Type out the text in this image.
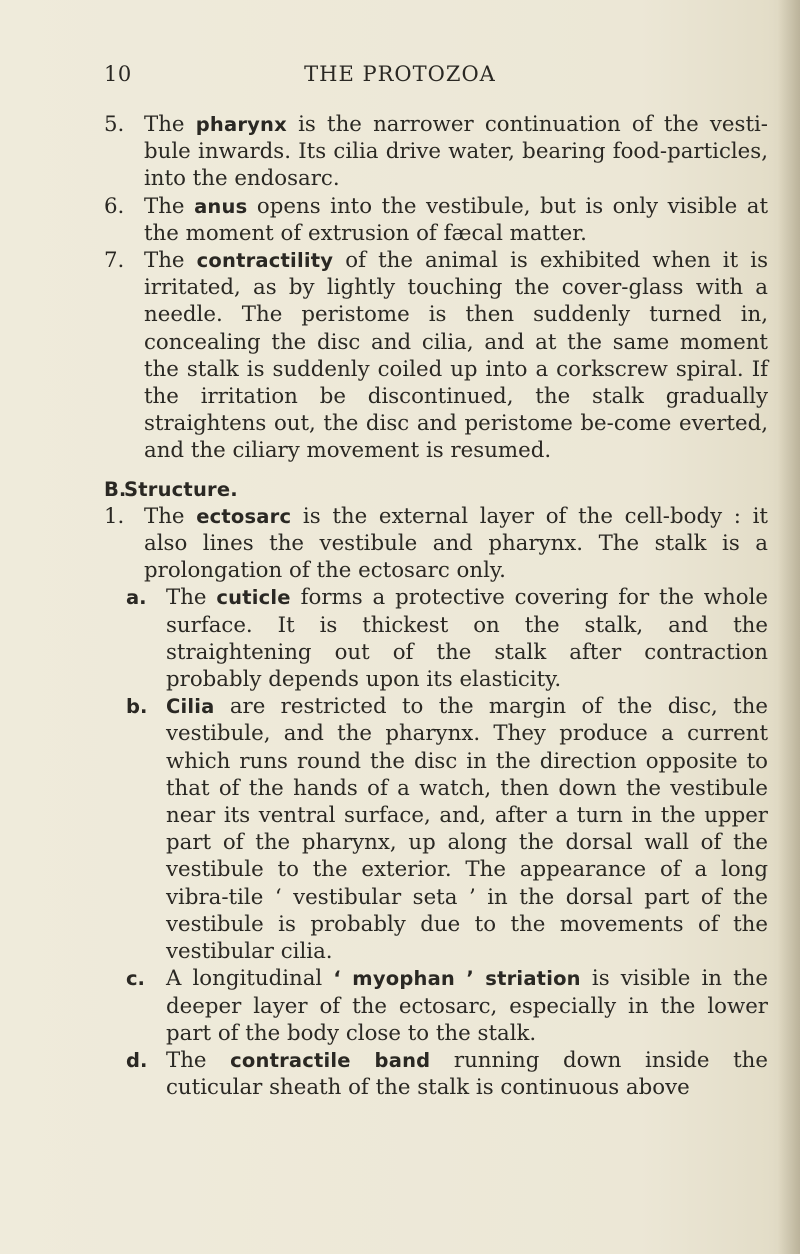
10	THE PROTOZOA

5. The pharynx is the narrower continuation of the vesti-bule inwards. Its cilia drive water, bearing food-particles, into the endosarc.

6. The anus opens into the vestibule, but is only visible at the moment of extrusion of fæcal matter.

7. The contractility of the animal is exhibited when it is irritated, as by lightly touching the cover-glass with a needle. The peristome is then suddenly turned in, concealing the disc and cilia, and at the same moment the stalk is suddenly coiled up into a corkscrew spiral. If the irritation be discontinued, the stalk gradually straightens out, the disc and peristome be-come everted, and the ciliary movement is resumed.

B.
Structure.

1. The ectosarc is the external layer of the cell-body : it also lines the vestibule and pharynx. The stalk is a prolongation of the ectosarc only.

a. The cuticle forms a protective covering for the whole surface. It is thickest on the stalk, and the straightening out of the stalk after contraction probably depends upon its elasticity.

b. Cilia are restricted to the margin of the disc, the vestibule, and the pharynx. They produce a current which runs round the disc in the direction opposite to that of the hands of a watch, then down the vestibule near its ventral surface, and, after a turn in the upper part of the pharynx, up along the dorsal wall of the vestibule to the exterior. The appearance of a long vibra-tile ‘ vestibular seta ’ in the dorsal part of the vestibule is probably due to the movements of the vestibular cilia.

c. A longitudinal ‘ myophan ’ striation is visible in the deeper layer of the ectosarc, especially in the lower part of the body close to the stalk.

d. The contractile band running down inside the cuticular sheath of the stalk is continuous above
